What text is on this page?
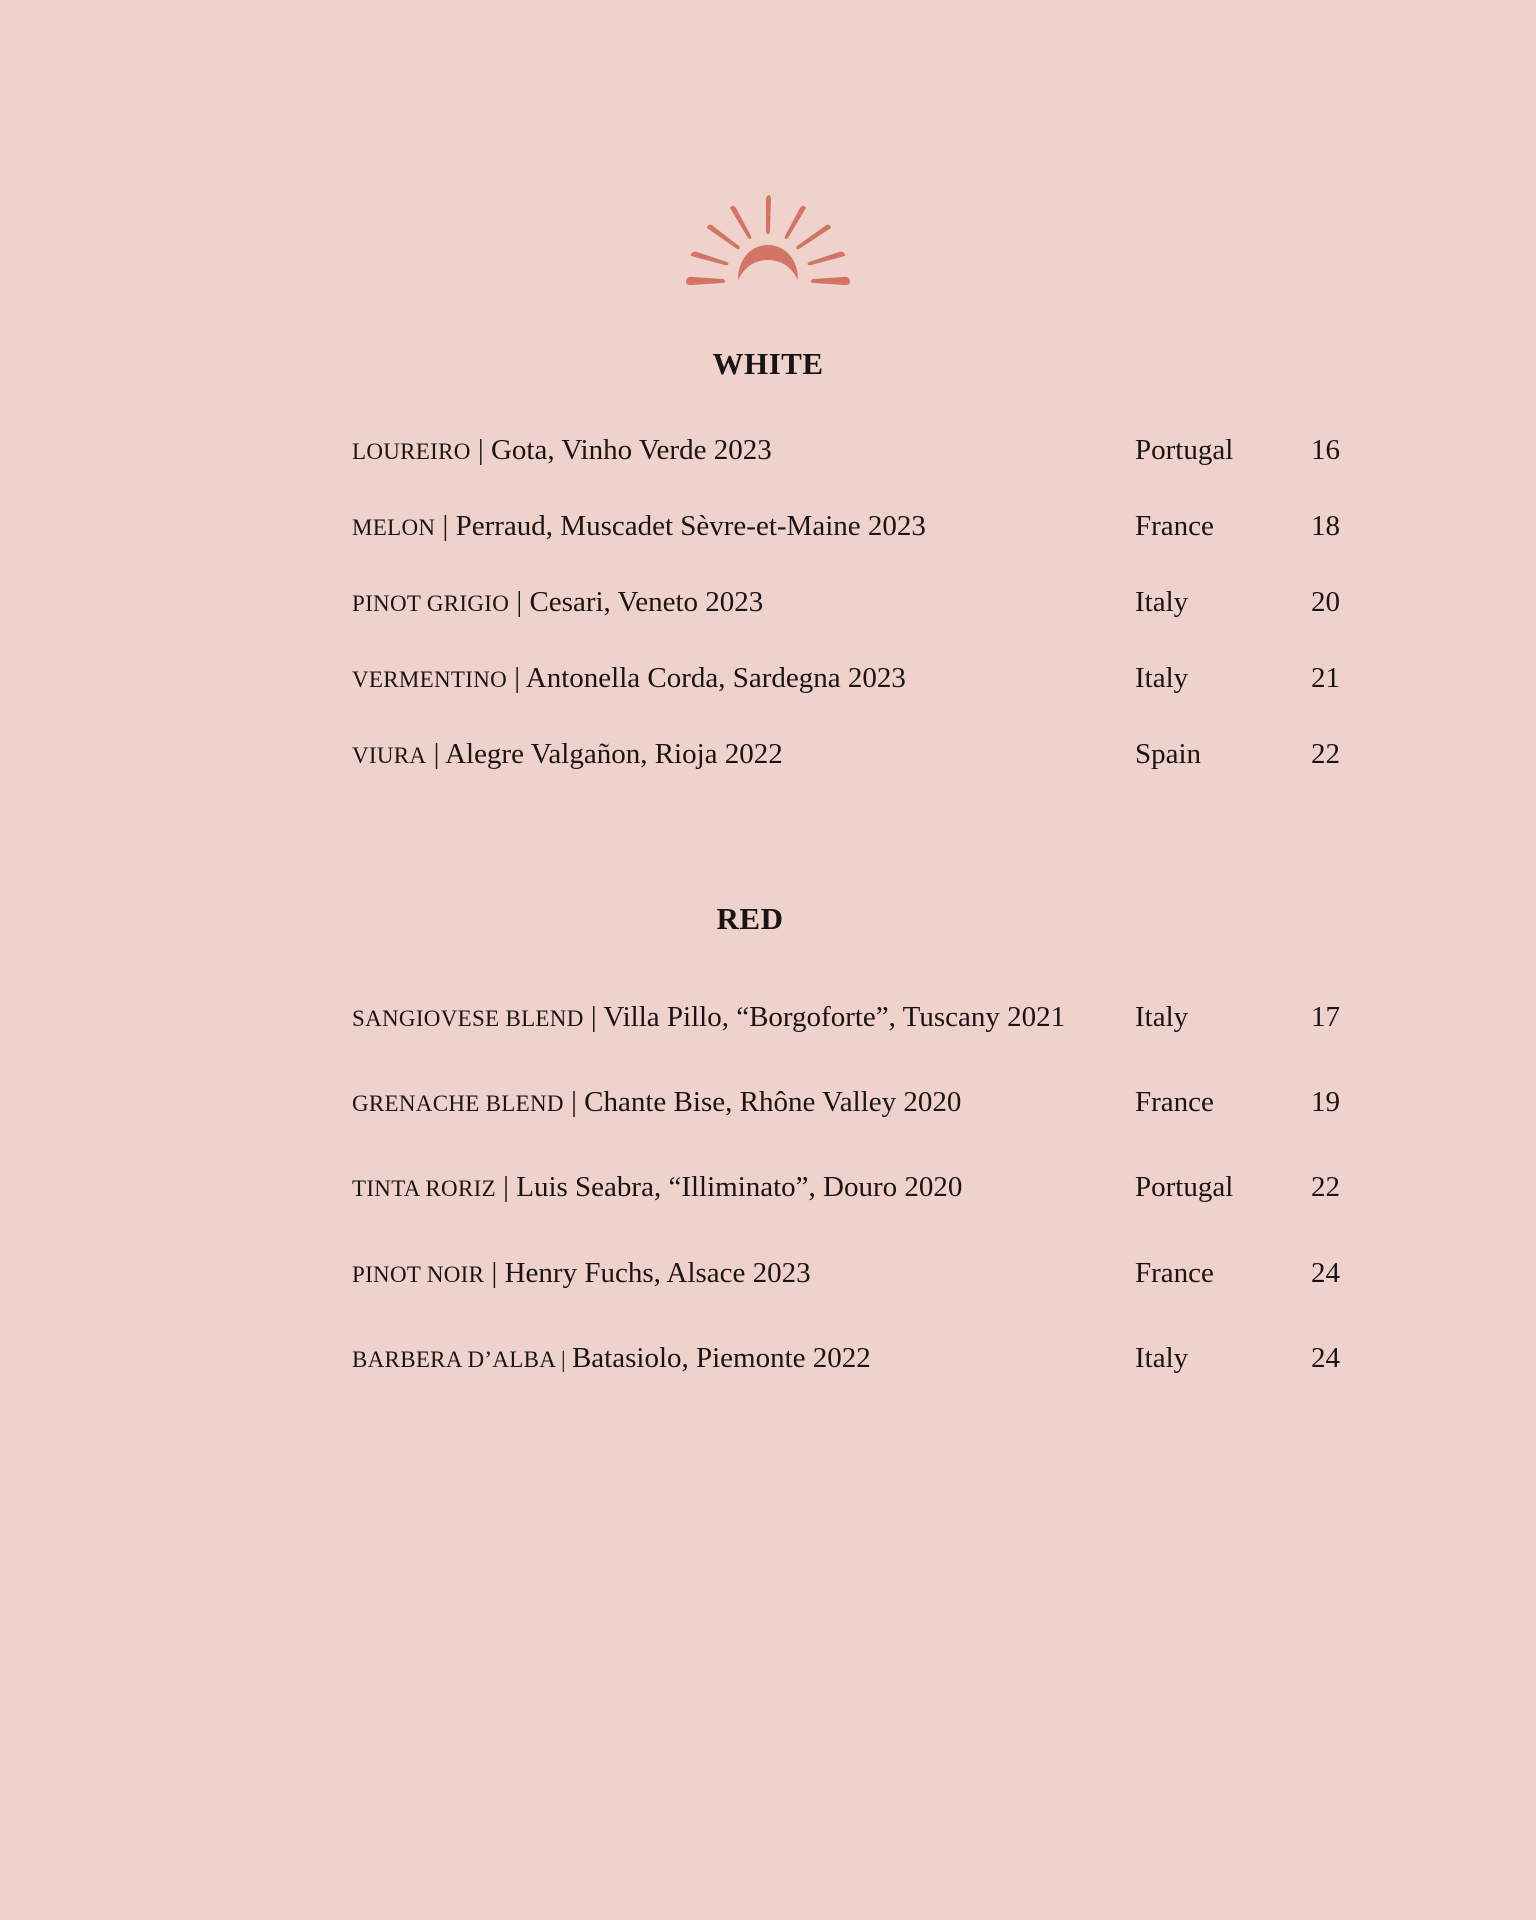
WHITE
LOUREIRO | Gota, Vinho Verde 2023	Portugal	16
MELON | Perraud, Muscadet Sèvre-et-Maine 2023	France	18
PINOT GRIGIO | Cesari, Veneto 2023	Italy	20
VERMENTINO | Antonella Corda, Sardegna 2023	Italy	21
VIURA | Alegre Valgañon, Rioja 2022	Spain	22
RED
SANGIOVESE BLEND | Villa Pillo, “Borgoforte”, Tuscany 2021 Italy	17
GRENACHE BLEND | Chante Bise, Rhône Valley 2020	France	19
TINTA RORIZ | Luis Seabra, “Illiminato”, Douro 2020	Portugal	22
PINOT NOIR | Henry Fuchs, Alsace 2023	France	24
BARBERA D’ALBA | Batasiolo, Piemonte 2022	Italy	24
